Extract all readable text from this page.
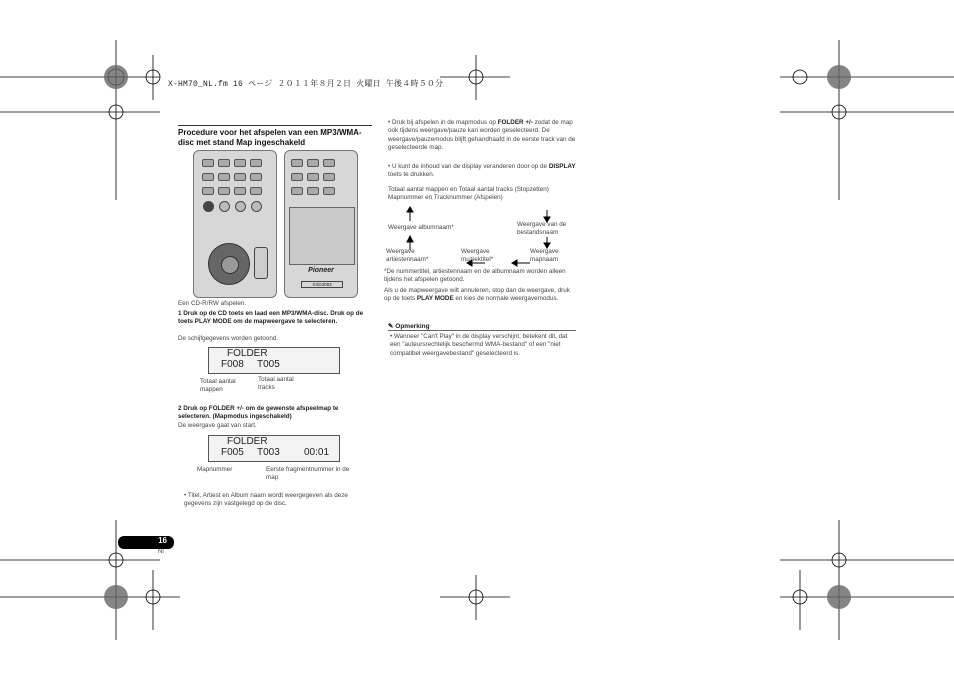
X-HM70_NL.fm 16 ページ ２０１１年８月２日 火曜日 午後４時５０分
Procedure voor het afspelen van een MP3/WMA-disc met stand Map ingeschakeld
Pioneer
XXD3093
Een CD-R/RW afspelen.
1 Druk op de CD toets en laad een MP3/WMA-disc. Druk op de toets PLAY MODE om de mapweergave te selecteren.
De schijfgegevens worden getoond.
FOLDER
F008 T005
Totaal aantal mappen
Totaal aantal tracks
2 Druk op FOLDER +/- om de gewenste afspeelmap te selecteren. (Mapmodus ingeschakeld)
De weergave gaat van start.
FOLDER
F005 T003 00:01
Mapnummer	Eerste fragmentnummer in de map
• Titel, Artiest en Album naam wordt weergegeven als deze gegevens zijn vastgelegd op de disc.
• Druk bij afspelen in de mapmodus op FOLDER +/- zodat de map ook tijdens weergave/pauze kan worden geselecteerd. De weergave/pauzemodus blijft gehandhaafd in de eerste track van de geselecteerde map.
• U kunt de inhoud van de display veranderen door op de DISPLAY toets te drukken.
Totaal aantal mappen en Totaal aantal tracks (Stopzetten) Mapnummer en Tracknummer (Afspelen)
Weergave albumnaam*	Weergave van de bestandsnaam
Weergave artiestennaam*
Weergave muziektitel*
Weergave mapnaam
*De nummertitel, artiestennaam en de albumnaam worden alleen tijdens het afspelen getoond.
Als u de mapweergave wilt annuleren, stop dan de weergave, druk op de toets PLAY MODE en kies de normale weergavemodus.
✎ Opmerking
• Wanneer "Can't Play" in de display verschijnt, betekent dit, dat een "auteursrechtelijk beschermd WMA-bestand" of een "niet compatibel weergavebestand" geselecteerd is.
16
Nl
